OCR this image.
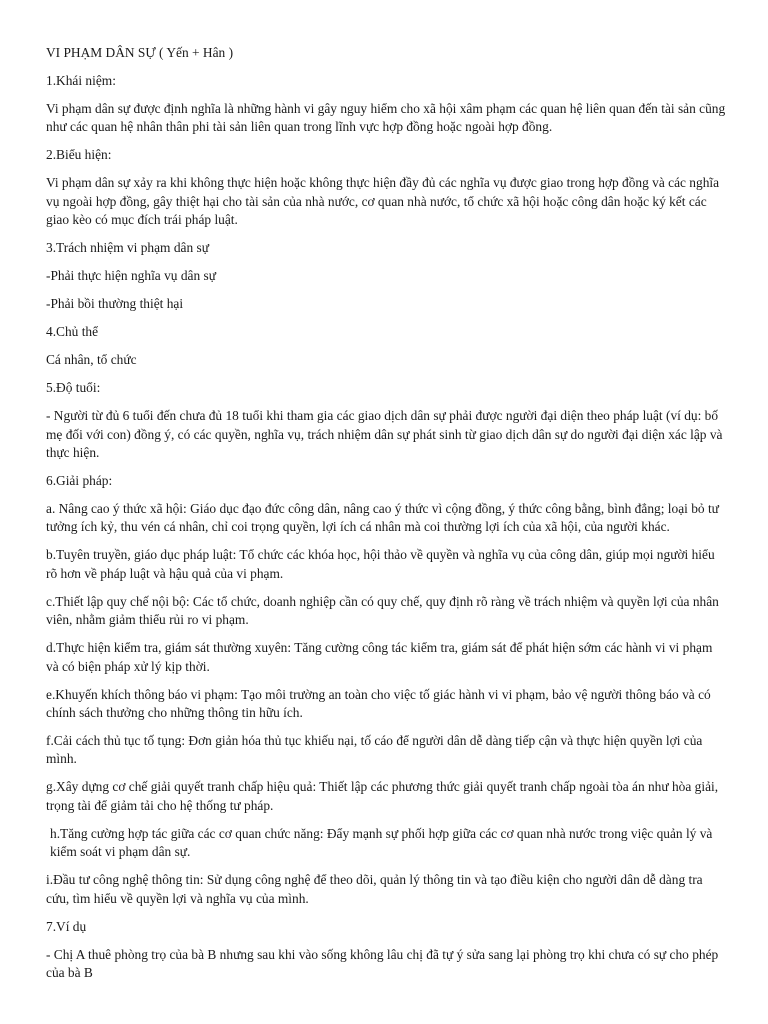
VI PHẠM DÂN SỰ ( Yến + Hân )

1.Khái niệm:

Vi phạm dân sự được định nghĩa là những hành vi gây nguy hiểm cho xã hội xâm phạm các quan hệ liên quan đến tài sản cũng như các quan hệ nhân thân phi tài sản liên quan trong lĩnh vực hợp đồng hoặc ngoài hợp đồng.

2.Biểu hiện:

Vi phạm dân sự xảy ra khi không thực hiện hoặc không thực hiện đầy đủ các nghĩa vụ được giao trong hợp đồng và các nghĩa vụ ngoài hợp đồng, gây thiệt hại cho tài sản của nhà nước, cơ quan nhà nước, tổ chức xã hội hoặc công dân hoặc ký kết các giao kèo có mục đích trái pháp luật.

3.Trách nhiệm vi phạm dân sự

-Phải thực hiện nghĩa vụ dân sự

-Phải bồi thường thiệt hại

4.Chủ thể

Cá nhân, tổ chức

5.Độ tuổi:

- Người từ đủ 6 tuổi đến chưa đủ 18 tuổi khi tham gia các giao dịch dân sự phải được người đại diện theo pháp luật (ví dụ: bố mẹ đối với con) đồng ý, có các quyền, nghĩa vụ, trách nhiệm dân sự phát sinh từ giao dịch dân sự do người đại diện xác lập và thực hiện.

6.Giải pháp:

a. Nâng cao ý thức xã hội: Giáo dục đạo đức công dân, nâng cao ý thức vì cộng đồng, ý thức công bằng, bình đẳng; loại bỏ tư tưởng ích kỷ, thu vén cá nhân, chỉ coi trọng quyền, lợi ích cá nhân mà coi thường lợi ích của xã hội, của người khác.

b.Tuyên truyền, giáo dục pháp luật: Tổ chức các khóa học, hội thảo về quyền và nghĩa vụ của công dân, giúp mọi người hiểu rõ hơn về pháp luật và hậu quả của vi phạm.

c.Thiết lập quy chế nội bộ: Các tổ chức, doanh nghiệp cần có quy chế, quy định rõ ràng về trách nhiệm và quyền lợi của nhân viên, nhằm giảm thiểu rủi ro vi phạm.

d.Thực hiện kiểm tra, giám sát thường xuyên: Tăng cường công tác kiểm tra, giám sát để phát hiện sớm các hành vi vi phạm và có biện pháp xử lý kịp thời.

e.Khuyến khích thông báo vi phạm: Tạo môi trường an toàn cho việc tố giác hành vi vi phạm, bảo vệ người thông báo và có chính sách thưởng cho những thông tin hữu ích.

f.Cải cách thủ tục tố tụng: Đơn giản hóa thủ tục khiếu nại, tố cáo để người dân dễ dàng tiếp cận và thực hiện quyền lợi của mình.

g.Xây dựng cơ chế giải quyết tranh chấp hiệu quả: Thiết lập các phương thức giải quyết tranh chấp ngoài tòa án như hòa giải, trọng tài để giảm tải cho hệ thống tư pháp.

h.Tăng cường hợp tác giữa các cơ quan chức năng: Đẩy mạnh sự phối hợp giữa các cơ quan nhà nước trong việc quản lý và kiểm soát vi phạm dân sự.

i.Đầu tư công nghệ thông tin: Sử dụng công nghệ để theo dõi, quản lý thông tin và tạo điều kiện cho người dân dễ dàng tra cứu, tìm hiểu về quyền lợi và nghĩa vụ của mình.

7.Ví dụ

- Chị A thuê phòng trọ của bà B nhưng sau khi vào sống không lâu chị đã tự ý sửa sang lại phòng trọ khi chưa có sự cho phép của bà B
